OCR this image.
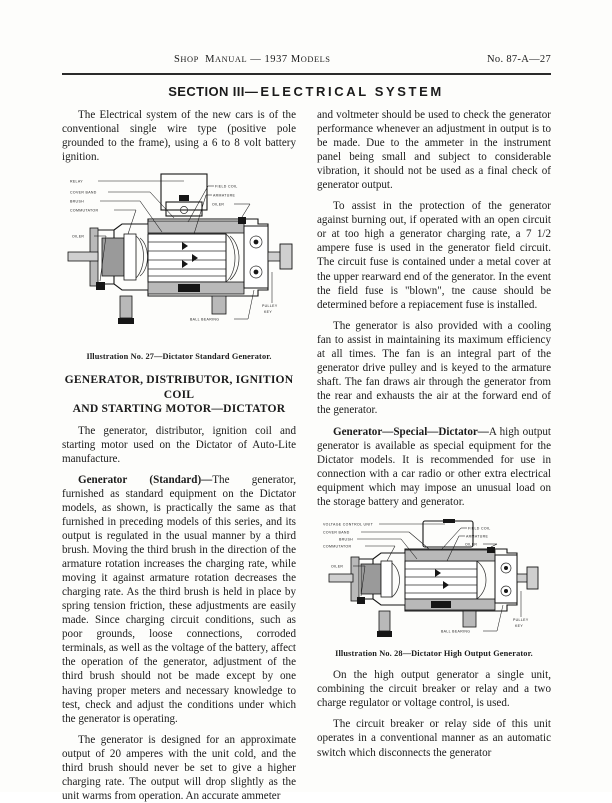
SHOP  MANUAL — 1937 MODELS	No. 87-A—27
SECTION III—ELECTRICAL SYSTEM

The Electrical system of the new cars is of the conventional single wire type (positive pole grounded to the frame), using a 6 to 8 volt battery ignition.

RELAY
COVER BAND
BRUSH
COMMUTATOR
OILER
FIELD COIL
ARMATURE
OILER
BALL BEARING
PULLEY
KEY
Illustration No. 27—Dictator Standard Generator.
GENERATOR, DISTRIBUTOR, IGNITION COIL
AND STARTING MOTOR—DICTATOR

The generator, distributor, ignition coil and starting motor used on the Dictator of Auto-Lite manufacture.

Generator (Standard)—The generator, furnished as standard equipment on the Dictator models, as shown, is practically the same as that furnished in preceding models of this series, and its output is regulated in the usual manner by a third brush. Moving the third brush in the direction of the armature rotation increases the charging rate, while moving it against armature rotation decreases the charging rate. As the third brush is held in place by spring tension friction, these adjustments are easily made. Since charging circuit conditions, such as poor grounds, loose connections, corroded terminals, as well as the voltage of the battery, affect the operation of the generator, adjustment of the third brush should not be made except by one having proper meters and necessary knowledge to test, check and adjust the conditions under which the generator is operating.

The generator is designed for an approximate output of 20 amperes with the unit cold, and the third brush should never be set to give a higher charging rate. The output will drop slightly as the unit warms from operation. An accurate ammeter

and voltmeter should be used to check the generator performance whenever an adjustment in output is to be made. Due to the ammeter in the instrument panel being small and subject to considerable vibration, it should not be used as a final check of generator output.

To assist in the protection of the generator against burning out, if operated with an open circuit or at too high a generator charging rate, a 7 1/2 ampere fuse is used in the generator field circuit. The circuit fuse is contained under a metal cover at the upper rearward end of the generator. In the event the field fuse is "blown", tne cause should be determined before a repiacement fuse is installed.

The generator is also provided with a cooling fan to assist in maintaining its maximum efficiency at all times. The fan is an integral part of the generator drive pulley and is keyed to the armature shaft. The fan draws air through the generator from the rear and exhausts the air at the forward end of the generator.

Generator—Special—Dictator—A high output generator is available as special equipment for the Dictator models. It is recommended for use in connection with a car radio or other extra electrical equipment which may impose an unusual load on the storage battery and generator.

VOLTAGE CONTROL UNIT
COVER BAND
BRUSH
COMMUTATOR
OILER
FIELD COIL
ARMATURE
OILER
BALL BEARING
PULLEY
KEY
Illustration No. 28—Dictator High Output Generator.

On the high output generator a single unit, combining the circuit breaker or relay and a two charge regulator or voltage control, is used.

The circuit breaker or relay side of this unit operates in a conventional manner as an automatic switch which disconnects the generator
